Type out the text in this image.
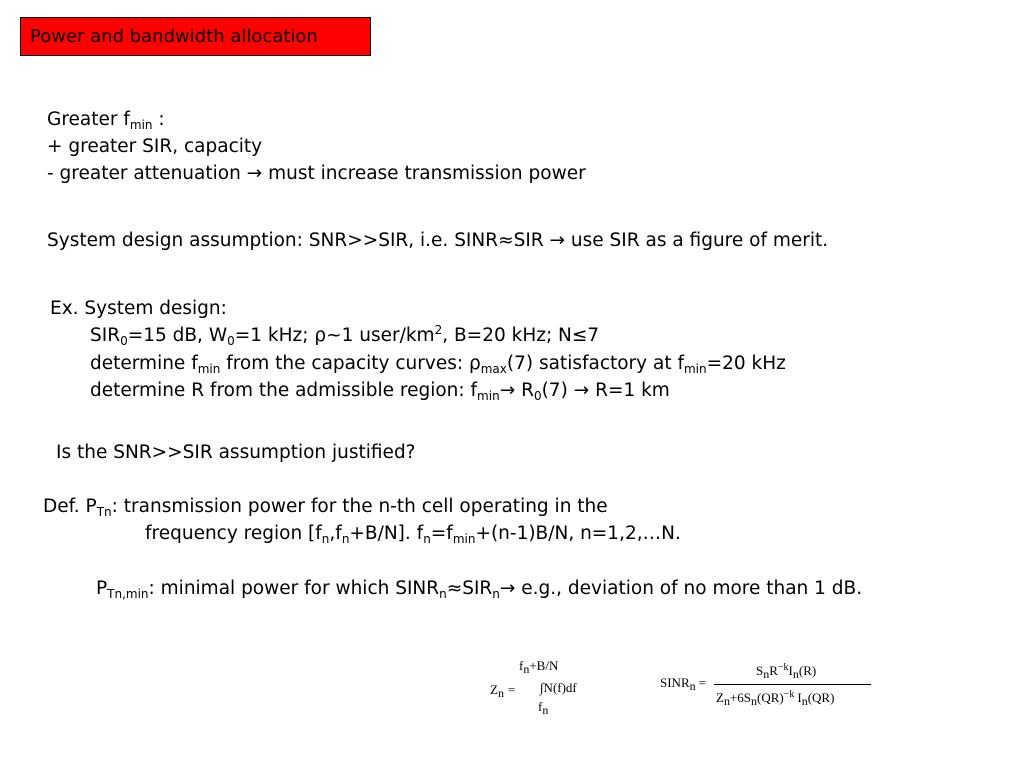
Power and bandwidth allocation
Greater $f_{min}$ :
+ greater SIR, capacity
- greater attenuation → must increase transmission power
System design assumption: SNR>>SIR, i.e. SINR≈SIR → use SIR as a figure of merit.
Ex. System design:
$SIR_0=15$ dB, $W_0=1$ kHz; ρ~1 user/$km^2$, B=20 kHz; N≤7
determine $f_{min}$ from the capacity curves: $\rho_{max}(7)$ satisfactory at $f_{min}=20$ kHz
determine R from the admissible region: $f_{min}\to R_0(7) \to R=1$ km
Is the SNR>>SIR assumption justified?
Def. $P_{Tn}$: transmission power for the n-th cell operating in the
frequency region $[f_n,f_n+B/N]$. $f_n=f_{min}+(n-1)B/N$, n=1,2,…N.
$P_{Tn,min}$: minimal power for which $SINR_n\approx SIR_n\to e.g$., deviation of no more than 1 dB.
fn+B/N
Zn = ∫N(f)df
fn
SINRn =
SnR$^{-k}$In(R)
Zn+6Sn(QR)$^{-k}$ In(QR)
